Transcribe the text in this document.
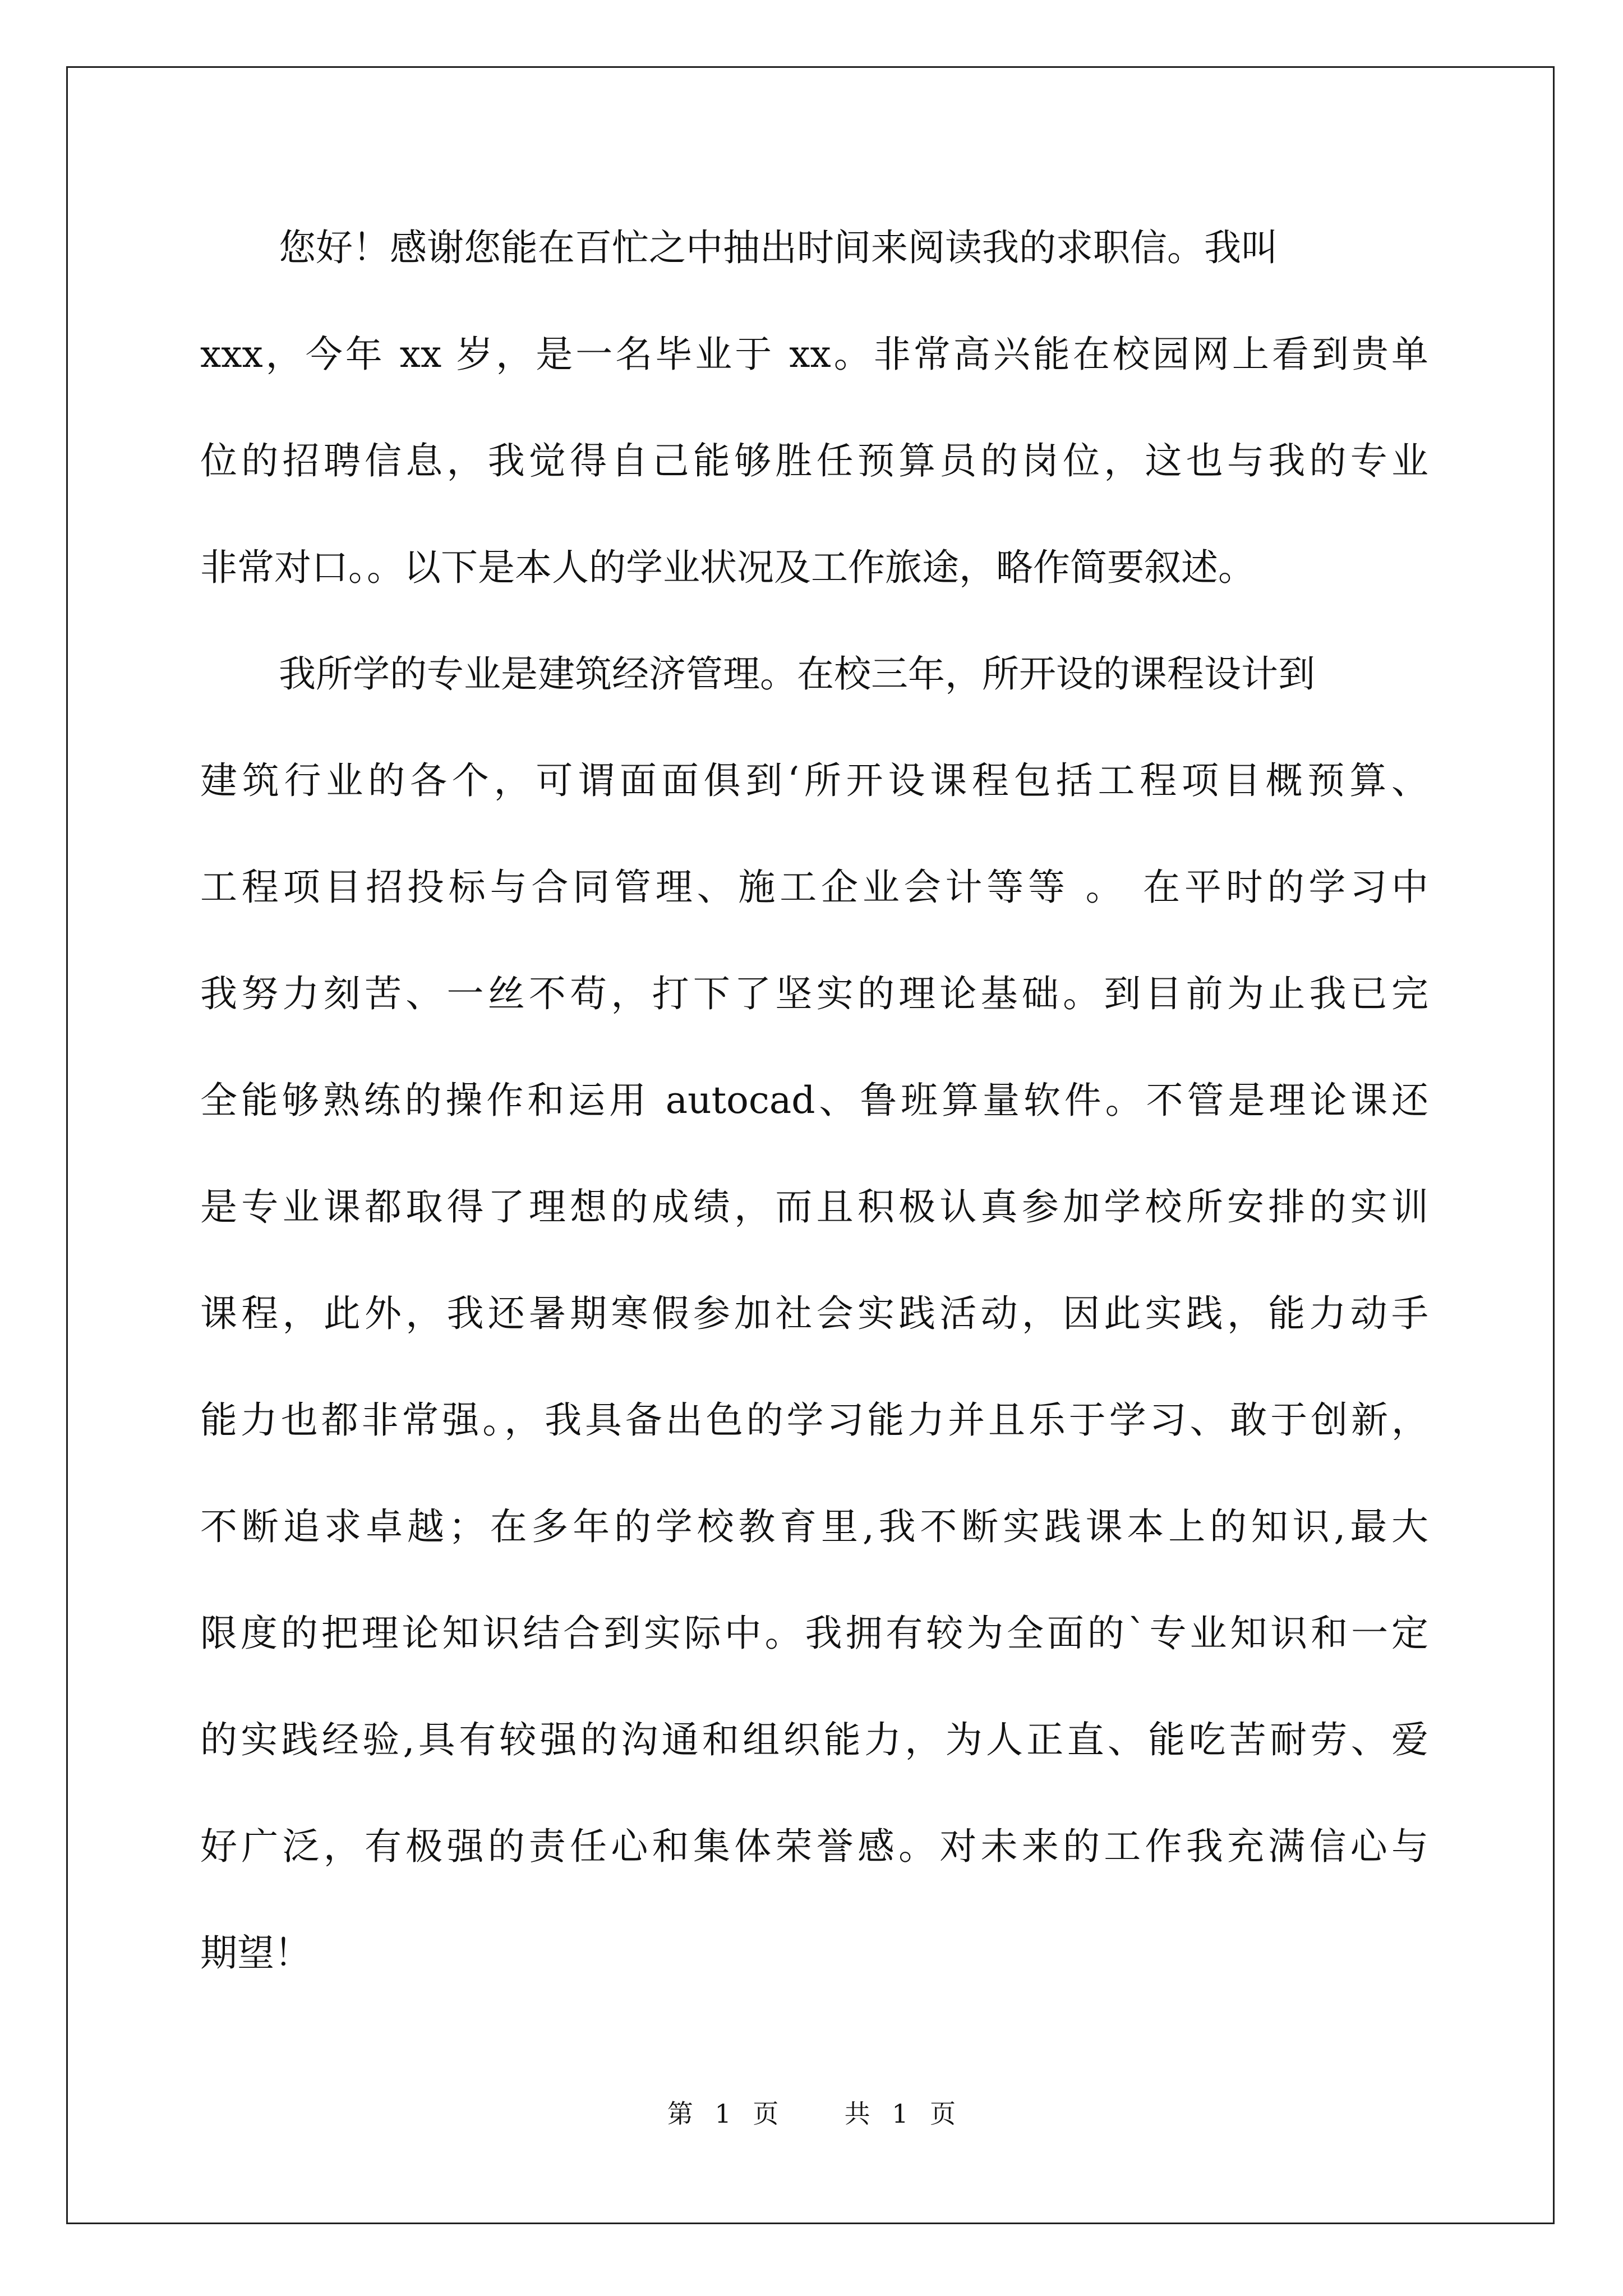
您好！感谢您能在百忙之中抽出时间来阅读我的求职信。我叫
xxx，今年 xx 岁，是一名毕业于 xx。非常高兴能在校园网上看到贵单
位的招聘信息，我觉得自己能够胜任预算员的岗位，这也与我的专业
非常对口。。以下是本人的学业状况及工作旅途，略作简要叙述。
我所学的专业是建筑经济管理。在校三年，所开设的课程设计到
建筑行业的各个，可谓面面俱到‘所开设课程包括工程项目概预算、
工程项目招投标与合同管理、施工企业会计等等 。 在平时的学习中
我努力刻苦、一丝不苟，打下了坚实的理论基础。到目前为止我已完
全能够熟练的操作和运用 autocad、鲁班算量软件。不管是理论课还
是专业课都取得了理想的成绩，而且积极认真参加学校所安排的实训
课程，此外，我还暑期寒假参加社会实践活动，因此实践，能力动手
能力也都非常强。，我具备出色的学习能力并且乐于学习、敢于创新，
不断追求卓越；在多年的学校教育里,我不断实践课本上的知识,最大
限度的把理论知识结合到实际中。我拥有较为全面的`专业知识和一定
的实践经验,具有较强的沟通和组织能力，为人正直、能吃苦耐劳、爱
好广泛，有极强的责任心和集体荣誉感。对未来的工作我充满信心与
期望！
第 1 页	共 1 页
